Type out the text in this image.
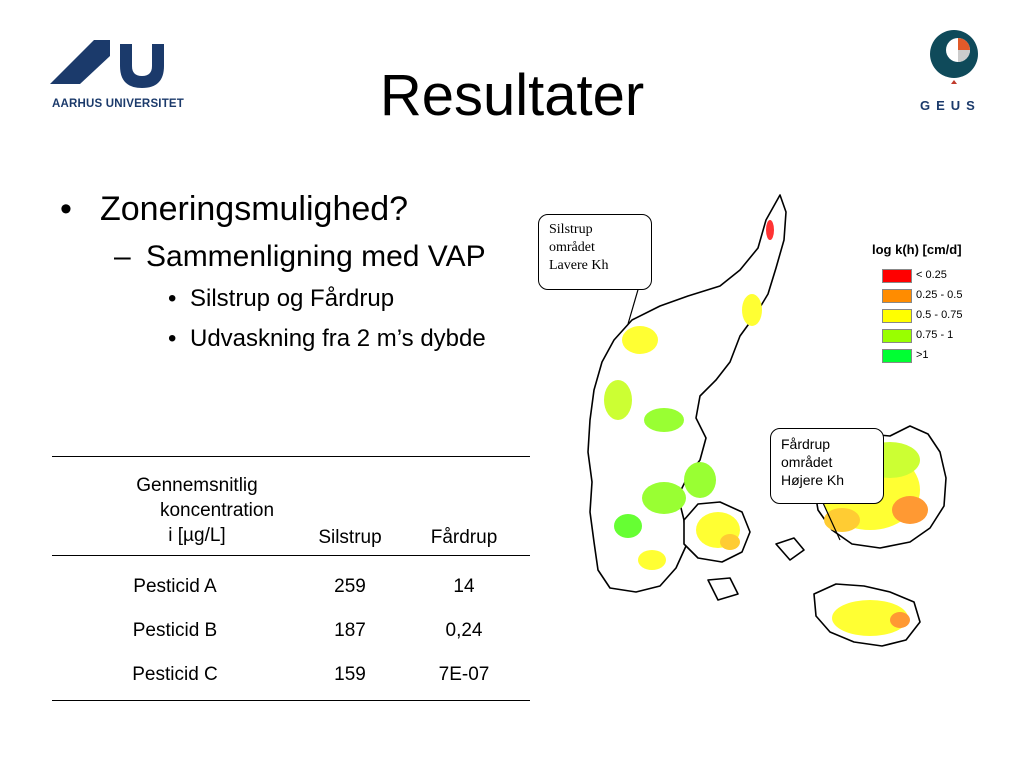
AARHUS UNIVERSITET	GEUS
Resultater
• Zoneringsmulighed?
– Sammenligning med VAP
• Silstrup og Fårdrup
• Udvaskning fra 2 m’s dybde
Gennemsnitlig
koncentration
i [µg/L]	Silstrup	Fårdrup
Pesticid A	259	14
Pesticid B	187	0,24
Pesticid C	159	7E-07
Silstrup
området
Lavere Kh
Fårdrup
området
Højere Kh
log k(h) [cm/d]
< 0.25
0.25 - 0.5
0.5 - 0.75
0.75 - 1
>1
